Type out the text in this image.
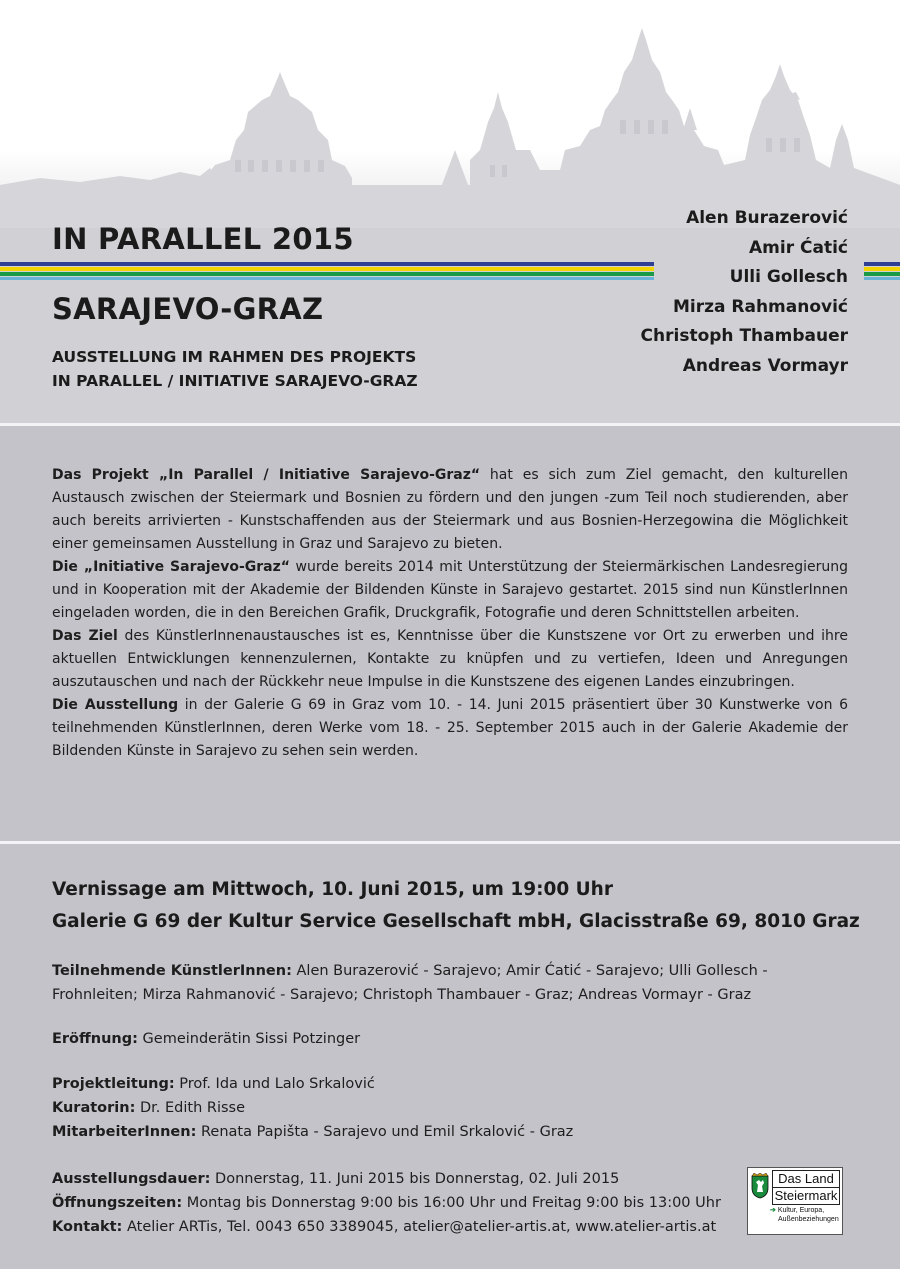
IN PARALLEL 2015
SARAJEVO-GRAZ
AUSSTELLUNG IM RAHMEN DES PROJEKTS
IN PARALLEL / INITIATIVE SARAJEVO-GRAZ
Alen Burazerović
Amir Ćatić
Ulli Gollesch
Mirza Rahmanović
Christoph Thambauer
Andreas Vormayr

Das Projekt „In Parallel / Initiative Sarajevo-Graz“ hat es sich zum Ziel gemacht, den kulturellen Austausch zwischen der Steiermark und Bosnien zu fördern und den jungen -zum Teil noch studierenden, aber auch bereits arrivierten - Kunstschaffenden aus der Steiermark und aus Bosnien-Herzegowina die Möglichkeit einer gemeinsamen Ausstellung in Graz und Sarajevo zu bieten.

Die „Initiative Sarajevo-Graz“ wurde bereits 2014 mit Unterstützung der Steiermärkischen Landesregierung und in Kooperation mit der Akademie der Bildenden Künste in Sarajevo gestartet. 2015 sind nun KünstlerInnen eingeladen worden, die in den Bereichen Grafik, Druckgrafik, Fotografie und deren Schnittstellen arbeiten.

Das Ziel des KünstlerInnenaustausches ist es, Kenntnisse über die Kunstszene vor Ort zu erwerben und ihre aktuellen Entwicklungen kennenzulernen, Kontakte zu knüpfen und zu vertiefen, Ideen und Anregungen auszutauschen und nach der Rückkehr neue Impulse in die Kunstszene des eigenen Landes einzubringen.

Die Ausstellung in der Galerie G 69 in Graz vom 10. - 14. Juni 2015 präsentiert über 30 Kunstwerke von 6 teilnehmenden KünstlerInnen, deren Werke vom 18. - 25. September 2015 auch in der Galerie Akademie der Bildenden Künste in Sarajevo zu sehen sein werden.

Vernissage am Mittwoch, 10. Juni 2015, um 19:00 Uhr
Galerie G 69 der Kultur Service Gesellschaft mbH, Glacisstraße 69, 8010 Graz
Teilnehmende KünstlerInnen: Alen Burazerović - Sarajevo; Amir Ćatić - Sarajevo; Ulli Gollesch - Frohnleiten; Mirza Rahmanović - Sarajevo; Christoph Thambauer - Graz; Andreas Vormayr - Graz
Eröffnung: Gemeinderätin Sissi Potzinger
Projektleitung: Prof. Ida und Lalo Srkalović
Kuratorin: Dr. Edith Risse
MitarbeiterInnen: Renata Papišta - Sarajevo und Emil Srkalović - Graz
Ausstellungsdauer: Donnerstag, 11. Juni 2015 bis Donnerstag, 02. Juli 2015
Öffnungszeiten: Montag bis Donnerstag 9:00 bis 16:00 Uhr und Freitag 9:00 bis 13:00 Uhr
Kontakt: Atelier ARTis, Tel. 0043 650 3389045, atelier@atelier-artis.at, www.atelier-artis.at
Das Land
Steiermark
➔ Kultur, Europa,
Außenbeziehungen
